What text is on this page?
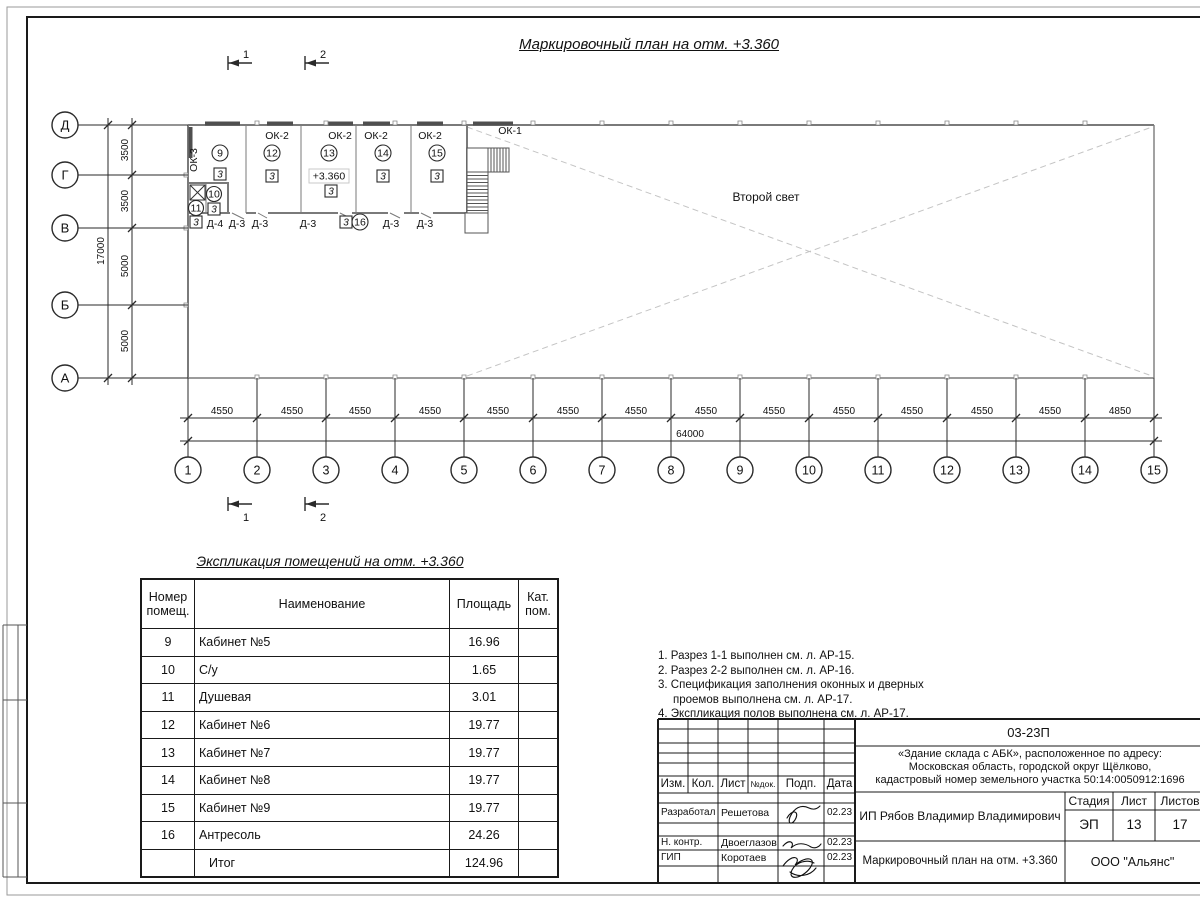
ОК-3
ОК-2	ОК-2 ОК-2	ОК-2	ОК-1
Второй свет
Д-4 Д-3 Д-3	Д-3	Д-3 Д-3
9	12	13	14	15
10
11
16
3	3
3
3	3
3
3	3
+3.360
Д
Г
В
Б
А
3500
3500
5000
5000
17000
1	2	3	4	5	6	7	8	9	10	11	12	13	14	15
4550	4550	4550	4550	4550	4550	4550	4550	4550	4550	4550	4550	4550	4850
64000
1	2
1	2
Маркировочный план на отм. +3.360
Экспликация помещений на отм. +3.360
Номер помещ.	Наименование	Площадь	Кат. пом.
9	Кабинет №5	16.96	
10	С/у	1.65	
11	Душевая	3.01	
12	Кабинет №6	19.77	
13	Кабинет №7	19.77	
14	Кабинет №8	19.77	
15	Кабинет №9	19.77	
16	Антресоль	24.26	
	Итог	124.96	
1. Разрез 1-1 выполнен см. л. АР-15.
2. Разрез 2-2 выполнен см. л. АР-16.
3. Спецификация заполнения оконных и дверных проемов выполнена см. л. АР-17.
4. Экспликация полов выполнена см. л. АР-17.
03-23П
«Здание склада с АБК», расположенное по адресу:
Московская область, городской округ Щёлково,
кадастровый номер земельного участка 50:14:0050912:1696
Изм. Кол. Лист №док. Подп. Дата
Разработал Решетова	02.23
Н. контр.	Двоеглазов	02.23
ГИП	Коротаев	02.23
ИП Рябов Владимир Владимирович
Стадия Лист	Листов
ЭП	13	17
Маркировочный план на отм. +3.360	ООО "Альянс"
